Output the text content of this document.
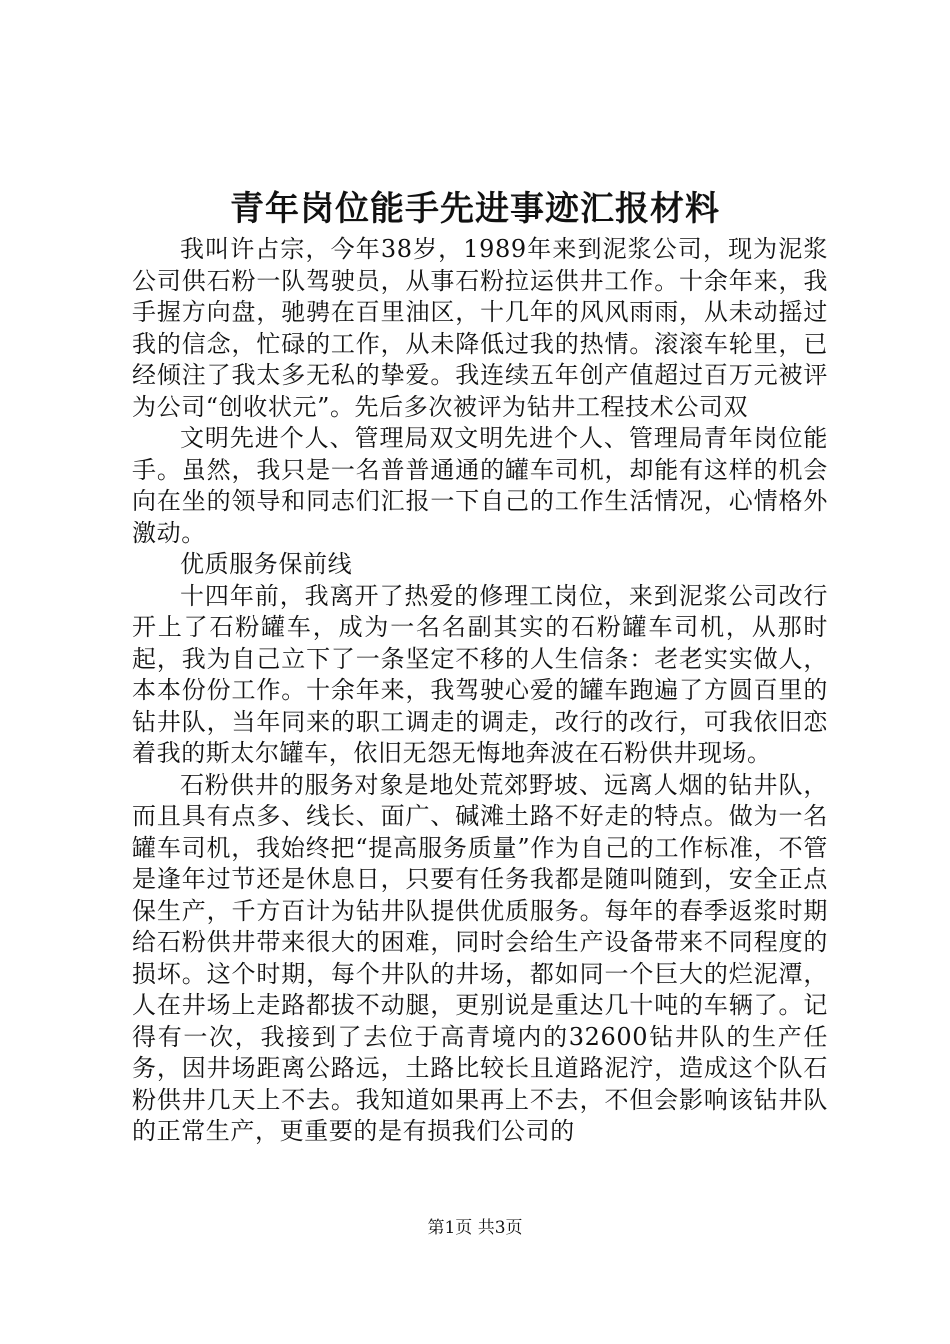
青年岗位能手先进事迹汇报材料

我叫许占宗，今年38岁，1989年来到泥浆公司，现为泥浆公司供石粉一队驾驶员，从事石粉拉运供井工作。十余年来，我手握方向盘，驰骋在百里油区，十几年的风风雨雨，从未动摇过我的信念，忙碌的工作，从未降低过我的热情。滚滚车轮里，已经倾注了我太多无私的挚爱。我连续五年创产值超过百万元被评为公司“创收状元”。先后多次被评为钻井工程技术公司双

文明先进个人、管理局双文明先进个人、管理局青年岗位能手。虽然，我只是一名普普通通的罐车司机，却能有这样的机会向在坐的领导和同志们汇报一下自己的工作生活情况，心情格外激动。

优质服务保前线

十四年前，我离开了热爱的修理工岗位，来到泥浆公司改行开上了石粉罐车，成为一名名副其实的石粉罐车司机，从那时起，我为自己立下了一条坚定不移的人生信条：老老实实做人，本本份份工作。十余年来，我驾驶心爱的罐车跑遍了方圆百里的钻井队，当年同来的职工调走的调走，改行的改行，可我依旧恋着我的斯太尔罐车，依旧无怨无悔地奔波在石粉供井现场。

石粉供井的服务对象是地处荒郊野坡、远离人烟的钻井队，而且具有点多、线长、面广、碱滩土路不好走的特点。做为一名罐车司机，我始终把“提高服务质量”作为自己的工作标准，不管是逢年过节还是休息日，只要有任务我都是随叫随到，安全正点保生产，千方百计为钻井队提供优质服务。每年的春季返浆时期给石粉供井带来很大的困难，同时会给生产设备带来不同程度的损坏。这个时期，每个井队的井场，都如同一个巨大的烂泥潭，人在井场上走路都拔不动腿，更别说是重达几十吨的车辆了。记得有一次，我接到了去位于高青境内的32600钻井队的生产任务，因井场距离公路远，土路比较长且道路泥泞，造成这个队石粉供井几天上不去。我知道如果再上不去，不但会影响该钻井队的正常生产，更重要的是有损我们公司的

第1页 共3页
